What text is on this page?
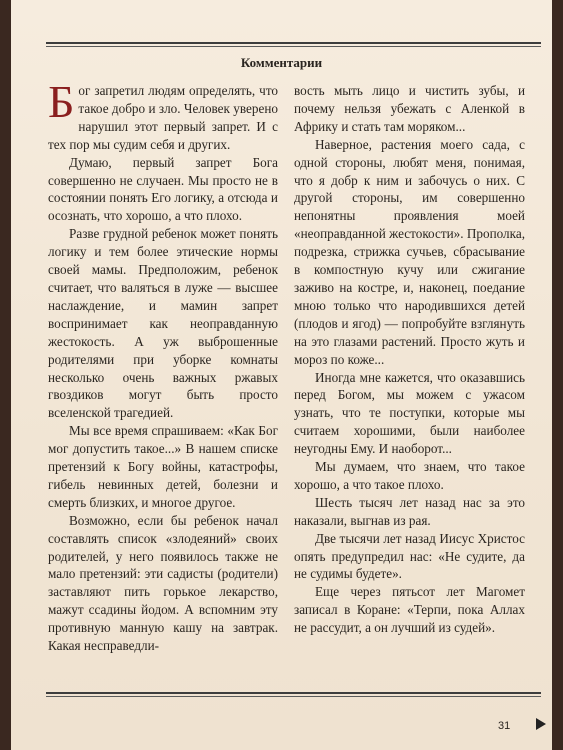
Комментарии

Бог запретил людям определять, что такое добро и зло. Человек уверено нарушил этот первый запрет. И с тех пор мы судим себя и других.

Думаю, первый запрет Бога совершенно не случаен. Мы просто не в состоянии понять Его логику, а отсюда и осознать, что хорошо, а что плохо.

Разве грудной ребенок может понять логику и тем более этические нормы своей мамы. Предположим, ребенок считает, что валяться в луже — высшее наслаждение, и мамин запрет воспринимает как неоправданную жестокость. А уж выброшенные родителями при уборке комнаты несколько очень важных ржавых гвоздиков могут быть просто вселенской трагедией.

Мы все время спрашиваем: «Как Бог мог допустить такое...» В нашем списке претензий к Богу войны, катастрофы, гибель невинных детей, болезни и смерть близких, и многое другое.

Возможно, если бы ребенок начал составлять список «злодеяний» своих родителей, у него появилось также не мало претензий: эти садисты (родители) заставляют пить горькое лекарство, мажут ссадины йодом. А вспомним эту противную манную кашу на завтрак. Какая несправедли-

вость мыть лицо и чистить зубы, и почему нельзя убежать с Аленкой в Африку и стать там моряком...

Наверное, растения моего сада, с одной стороны, любят меня, понимая, что я добр к ним и забочусь о них. С другой стороны, им совершенно непонятны проявления моей «неоправданной жестокости». Прополка, подрезка, стрижка сучьев, сбрасывание в компостную кучу или сжигание заживо на костре, и, наконец, поедание мною только что народившихся детей (плодов и ягод) — попробуйте взглянуть на это глазами растений. Просто жуть и мороз по коже...

Иногда мне кажется, что оказавшись перед Богом, мы можем с ужасом узнать, что те поступки, которые мы считаем хорошими, были наиболее неугодны Ему. И наоборот...

Мы думаем, что знаем, что такое хорошо, а что такое плохо.

Шесть тысяч лет назад нас за это наказали, выгнав из рая.

Две тысячи лет назад Иисус Христос опять предупредил нас: «Не судите, да не судимы будете».

Еще через пятьсот лет Магомет записал в Коране: «Терпи, пока Аллах не рассудит, а он лучший из судей».

31
